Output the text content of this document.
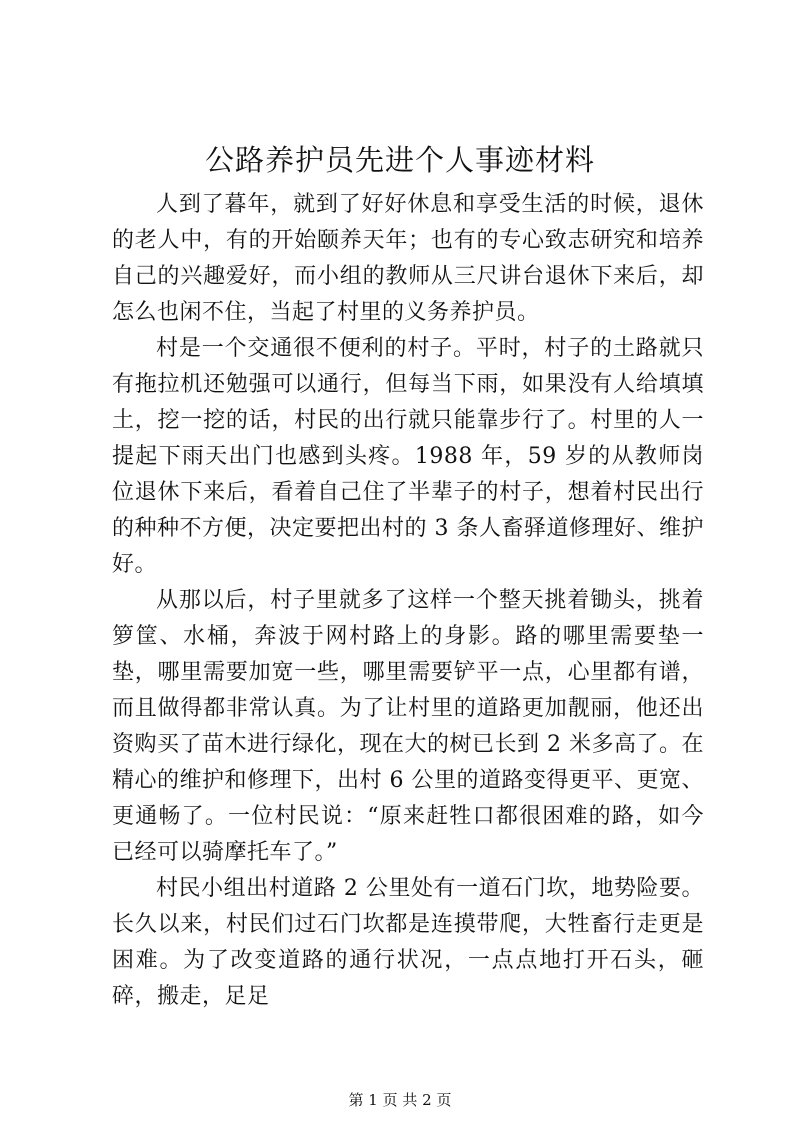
公路养护员先进个人事迹材料

人到了暮年，就到了好好休息和享受生活的时候，退休的老人中，有的开始颐养天年；也有的专心致志研究和培养自己的兴趣爱好，而小组的教师从三尺讲台退休下来后，却怎么也闲不住，当起了村里的义务养护员。

村是一个交通很不便利的村子。平时，村子的土路就只有拖拉机还勉强可以通行，但每当下雨，如果没有人给填填土，挖一挖的话，村民的出行就只能靠步行了。村里的人一提起下雨天出门也感到头疼。1988 年，59 岁的从教师岗位退休下来后，看着自己住了半辈子的村子，想着村民出行的种种不方便，决定要把出村的 3 条人畜驿道修理好、维护好。

从那以后，村子里就多了这样一个整天挑着锄头，挑着箩筐、水桶，奔波于网村路上的身影。路的哪里需要垫一垫，哪里需要加宽一些，哪里需要铲平一点，心里都有谱，而且做得都非常认真。为了让村里的道路更加靓丽，他还出资购买了苗木进行绿化，现在大的树已长到 2 米多高了。在精心的维护和修理下，出村 6 公里的道路变得更平、更宽、更通畅了。一位村民说：“原来赶牲口都很困难的路，如今已经可以骑摩托车了。”

村民小组出村道路 2 公里处有一道石门坎，地势险要。长久以来，村民们过石门坎都是连摸带爬，大牲畜行走更是困难。为了改变道路的通行状况，一点点地打开石头，砸碎，搬走，足足

第 1 页 共 2 页
